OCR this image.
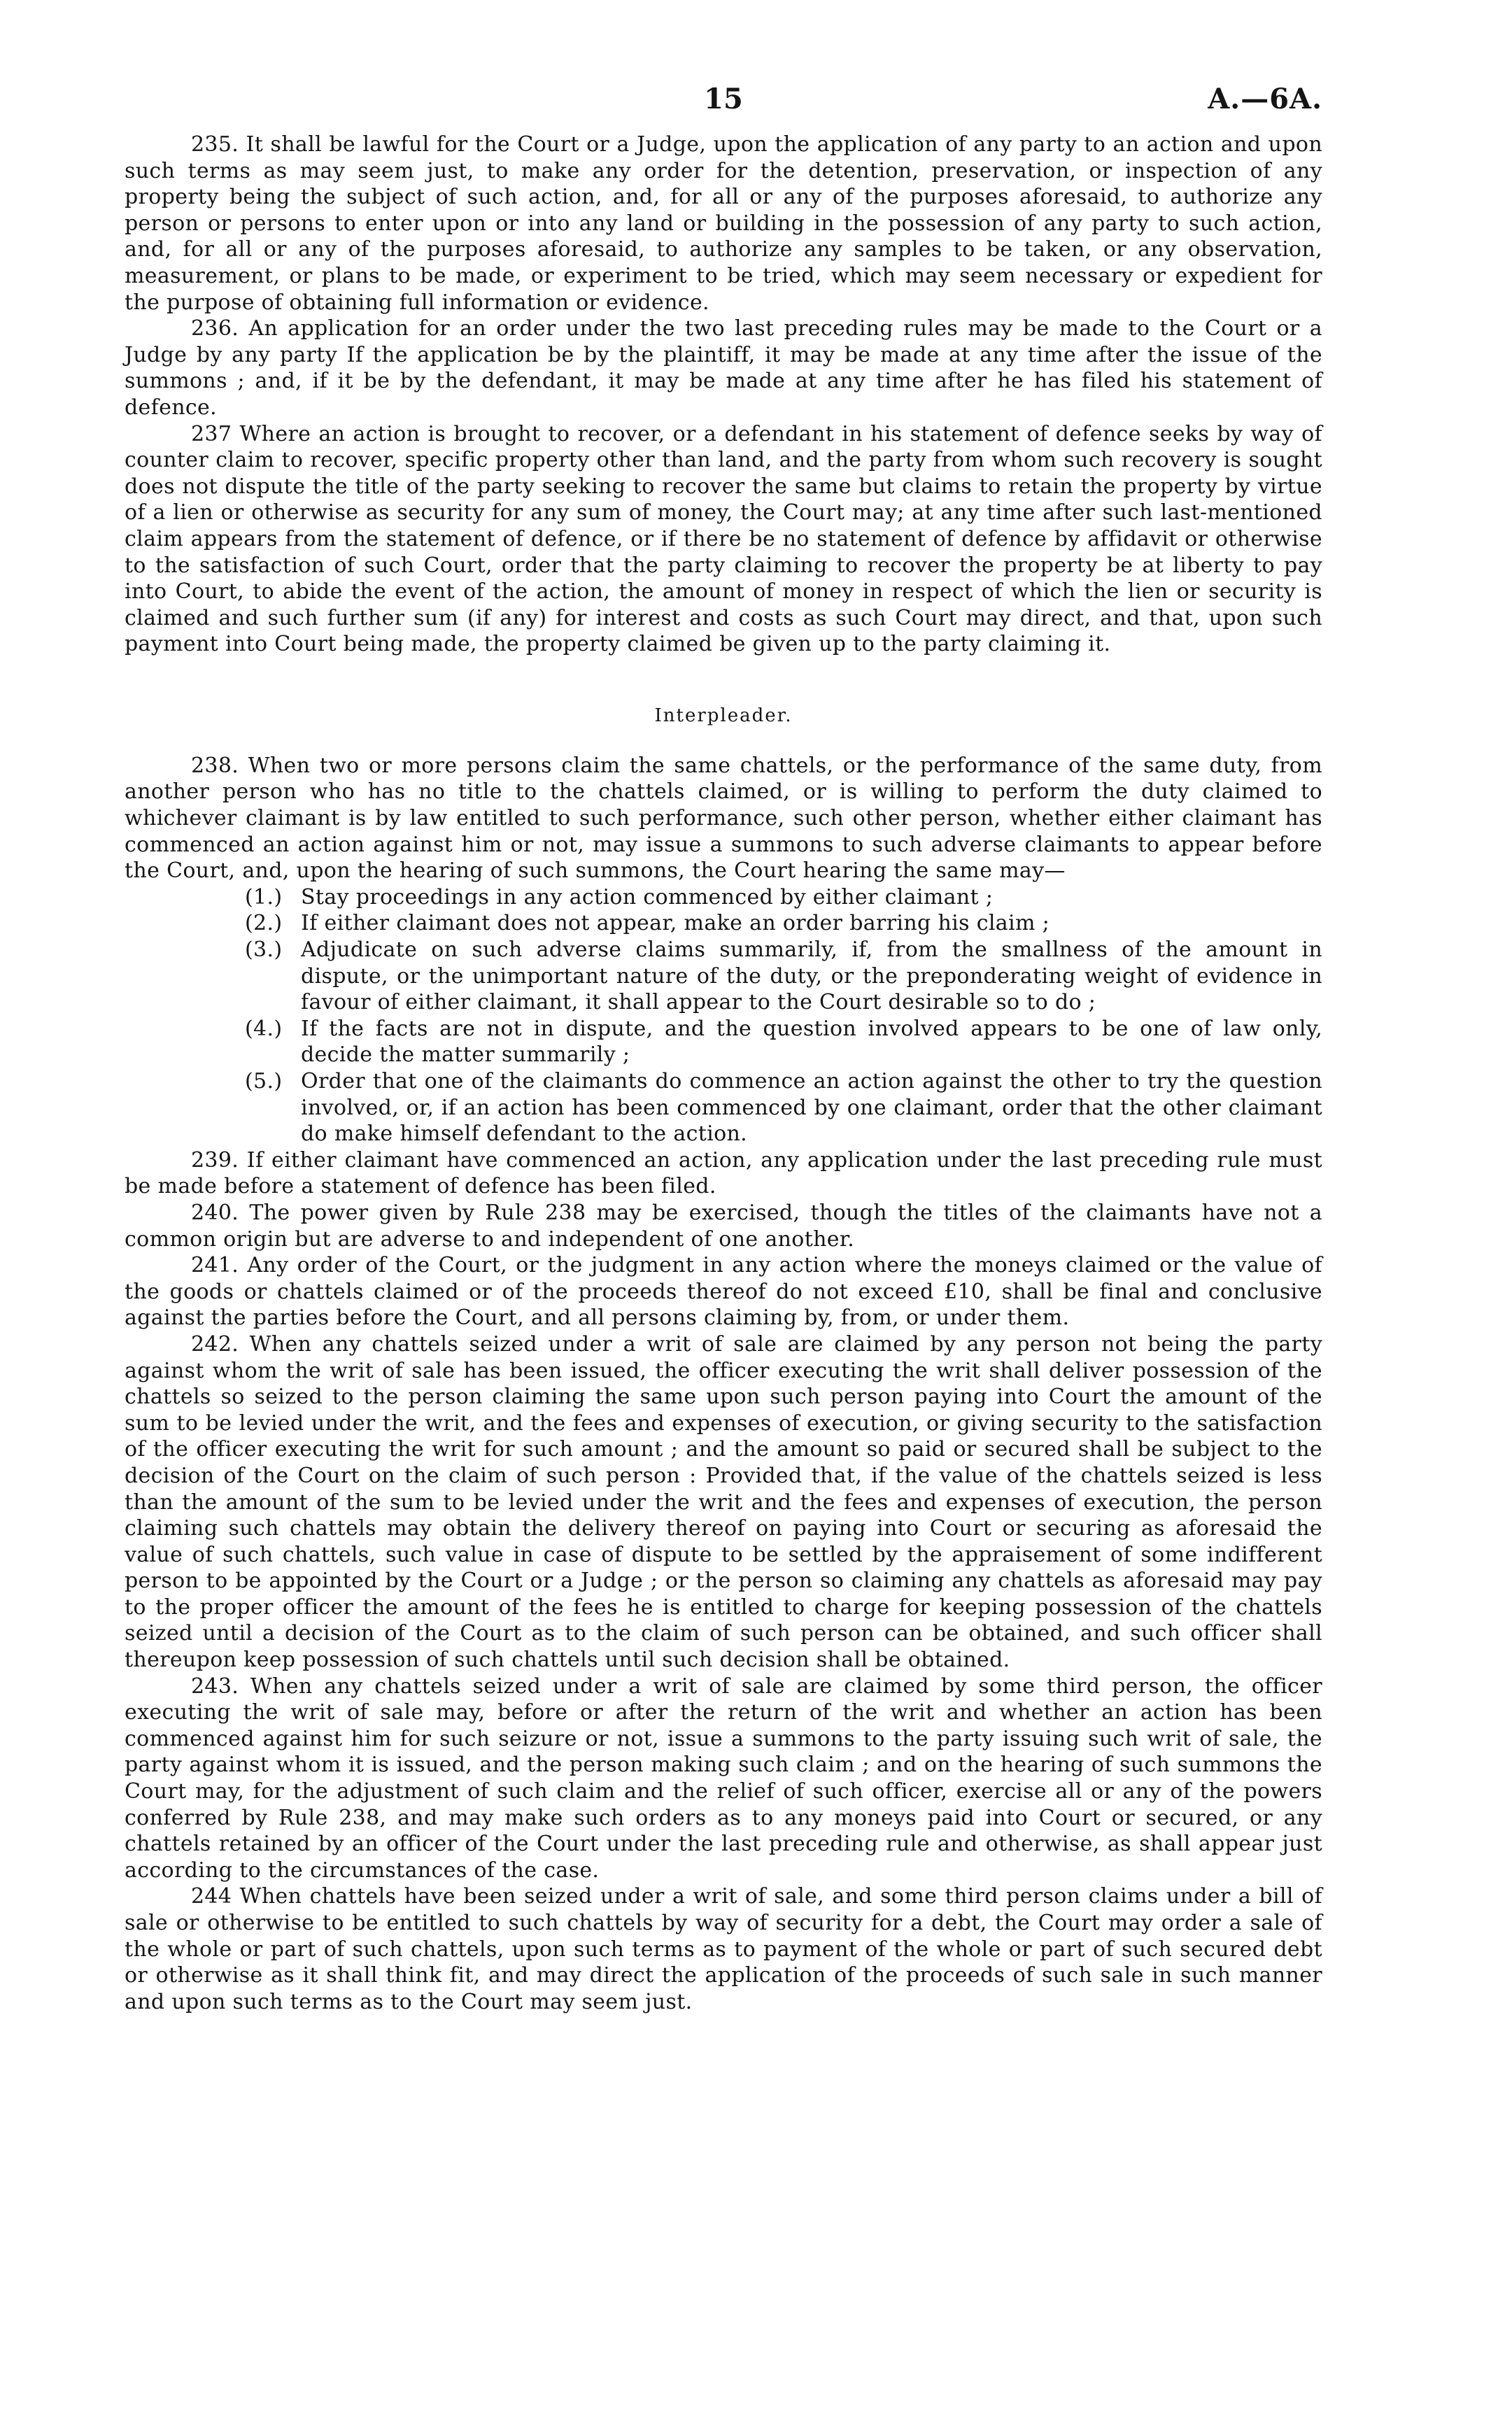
15	A.—6A.

235. It shall be lawful for the Court or a Judge, upon the application of any party to an action and upon such terms as may seem just, to make any order for the detention, preservation, or inspection of any property being the subject of such action, and, for all or any of the purposes aforesaid, to authorize any person or persons to enter upon or into any land or building in the possession of any party to such action, and, for all or any of the purposes aforesaid, to authorize any samples to be taken, or any observation, measurement, or plans to be made, or experiment to be tried, which may seem necessary or expedient for the purpose of obtaining full information or evidence.

236. An application for an order under the two last preceding rules may be made to the Court or a Judge by any party If the application be by the plaintiff, it may be made at any time after the issue of the summons ; and, if it be by the defendant, it may be made at any time after he has filed his statement of defence.

237 Where an action is brought to recover, or a defendant in his statement of defence seeks by way of counter claim to recover, specific property other than land, and the party from whom such recovery is sought does not dispute the title of the party seeking to recover the same but claims to retain the property by virtue of a lien or otherwise as security for any sum of money, the Court may; at any time after such last-mentioned claim appears from the statement of defence, or if there be no statement of defence by affidavit or otherwise to the satisfaction of such Court, order that the party claiming to recover the property be at liberty to pay into Court, to abide the event of the action, the amount of money in respect of which the lien or security is claimed and such further sum (if any) for interest and costs as such Court may direct, and that, upon such payment into Court being made, the property claimed be given up to the party claiming it.

Interpleader.

238. When two or more persons claim the same chattels, or the performance of the same duty, from another person who has no title to the chattels claimed, or is willing to perform the duty claimed to whichever claimant is by law entitled to such performance, such other person, whether either claimant has commenced an action against him or not, may issue a summons to such adverse claimants to appear before the Court, and, upon the hearing of such summons, the Court hearing the same may—

(1.) Stay proceedings in any action commenced by either claimant ;
(2.) If either claimant does not appear, make an order barring his claim ;
(3.) Adjudicate on such adverse claims summarily, if, from the smallness of the amount in dispute, or the unimportant nature of the duty, or the preponderating weight of evidence in favour of either claimant, it shall appear to the Court desirable so to do ;
(4.) If the facts are not in dispute, and the question involved appears to be one of law only, decide the matter summarily ;
(5.) Order that one of the claimants do commence an action against the other to try the question involved, or, if an action has been commenced by one claimant, order that the other claimant do make himself defendant to the action.

239. If either claimant have commenced an action, any application under the last preceding rule must be made before a statement of defence has been filed.

240. The power given by Rule 238 may be exercised, though the titles of the claimants have not a common origin but are adverse to and independent of one another.

241. Any order of the Court, or the judgment in any action where the moneys claimed or the value of the goods or chattels claimed or of the proceeds thereof do not exceed £10, shall be final and conclusive against the parties before the Court, and all persons claiming by, from, or under them.

242. When any chattels seized under a writ of sale are claimed by any person not being the party against whom the writ of sale has been issued, the officer executing the writ shall deliver possession of the chattels so seized to the person claiming the same upon such person paying into Court the amount of the sum to be levied under the writ, and the fees and expenses of execution, or giving security to the satisfaction of the officer executing the writ for such amount ; and the amount so paid or secured shall be subject to the decision of the Court on the claim of such person : Provided that, if the value of the chattels seized is less than the amount of the sum to be levied under the writ and the fees and expenses of execution, the person claiming such chattels may obtain the delivery thereof on paying into Court or securing as aforesaid the value of such chattels, such value in case of dispute to be settled by the appraisement of some indifferent person to be appointed by the Court or a Judge ; or the person so claiming any chattels as aforesaid may pay to the proper officer the amount of the fees he is entitled to charge for keeping possession of the chattels seized until a decision of the Court as to the claim of such person can be obtained, and such officer shall thereupon keep possession of such chattels until such decision shall be obtained.

243. When any chattels seized under a writ of sale are claimed by some third person, the officer executing the writ of sale may, before or after the return of the writ and whether an action has been commenced against him for such seizure or not, issue a summons to the party issuing such writ of sale, the party against whom it is issued, and the person making such claim ; and on the hearing of such summons the Court may, for the adjustment of such claim and the relief of such officer, exercise all or any of the powers conferred by Rule 238, and may make such orders as to any moneys paid into Court or secured, or any chattels retained by an officer of the Court under the last preceding rule and otherwise, as shall appear just according to the circumstances of the case.

244 When chattels have been seized under a writ of sale, and some third person claims under a bill of sale or otherwise to be entitled to such chattels by way of security for a debt, the Court may order a sale of the whole or part of such chattels, upon such terms as to payment of the whole or part of such secured debt or otherwise as it shall think fit, and may direct the application of the proceeds of such sale in such manner and upon such terms as to the Court may seem just.
